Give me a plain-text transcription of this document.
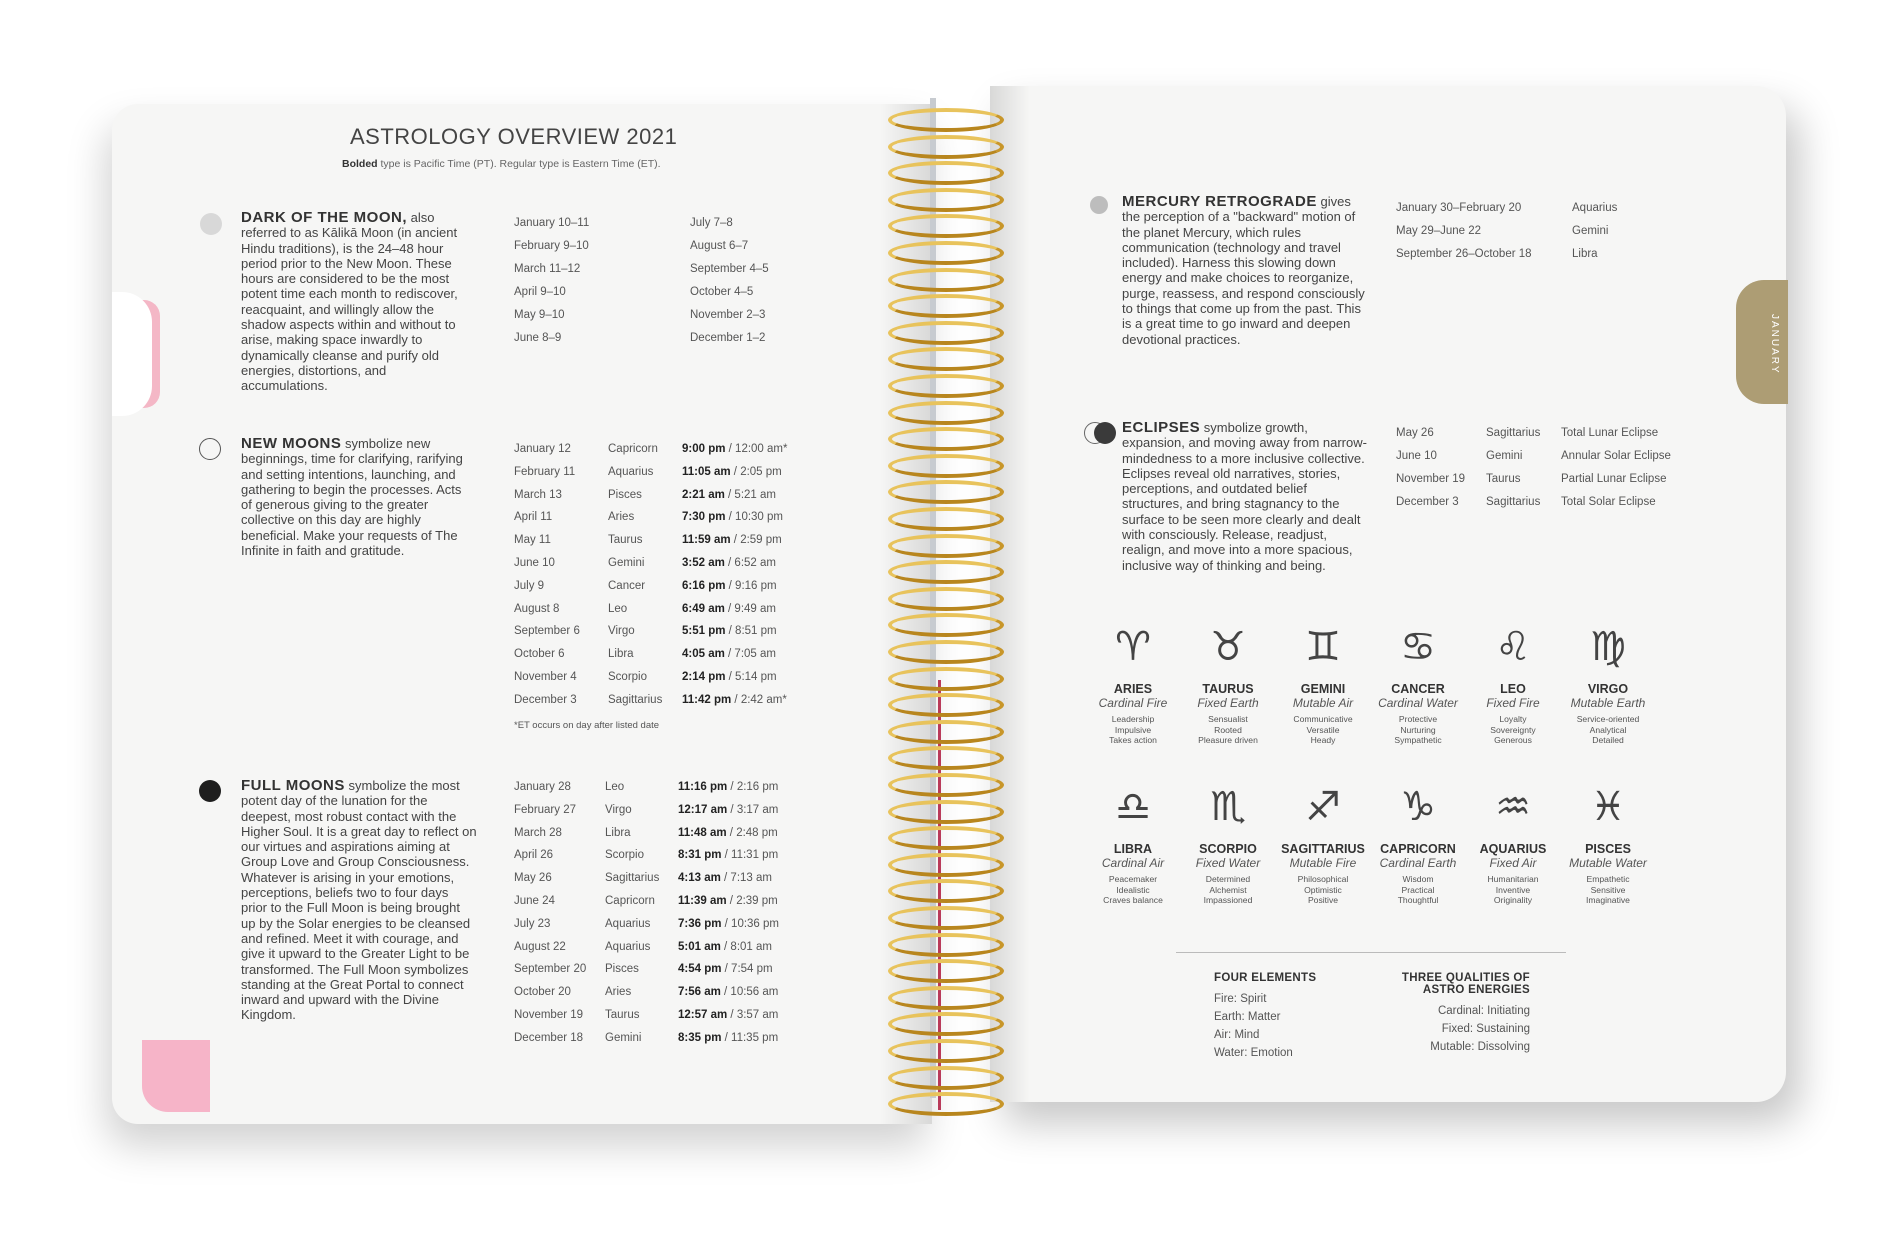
JANUARY
ASTROLOGY OVERVIEW 2021
Bolded type is Pacific Time (PT). Regular type is Eastern Time (ET).
DARK OF THE MOON, also referred to as Kālikā Moon (in ancient Hindu traditions), is the 24–48 hour period prior to the New Moon. These hours are considered to be the most potent time each month to rediscover, reacquaint, and willingly allow the shadow aspects within and without to arise, making space inwardly to dynamically cleanse and purify old energies, distortions, and accumulations.
January 10–11
February 9–10
March 11–12
April 9–10
May 9–10
June 8–9
July 7–8
August 6–7
September 4–5
October 4–5
November 2–3
December 1–2
NEW MOONS symbolize new beginnings, time for clarifying, rarifying and setting intentions, launching, and gathering to begin the processes. Acts of generous giving to the greater collective on this day are highly beneficial. Make your requests of The Infinite in faith and gratitude.
January 12
February 11
March 13
April 11
May 11
June 10
July 9
August 8
September 6
October 6
November 4
December 3
Capricorn
Aquarius
Pisces
Aries
Taurus
Gemini
Cancer
Leo
Virgo
Libra
Scorpio
Sagittarius
9:00 pm / 12:00 am*
11:05 am / 2:05 pm
2:21 am / 5:21 am
7:30 pm / 10:30 pm
11:59 am / 2:59 pm
3:52 am / 6:52 am
6:16 pm / 9:16 pm
6:49 am / 9:49 am
5:51 pm / 8:51 pm
4:05 am / 7:05 am
2:14 pm / 5:14 pm
11:42 pm / 2:42 am*
*ET occurs on day after listed date
FULL MOONS symbolize the most potent day of the lunation for the deepest, most robust contact with the Higher Soul. It is a great day to reflect on our virtues and aspirations aiming at Group Love and Group Consciousness. Whatever is arising in your emotions, perceptions, beliefs two to four days prior to the Full Moon is being brought up by the Solar energies to be cleansed and refined. Meet it with courage, and give it upward to the Greater Light to be transformed. The Full Moon symbolizes standing at the Great Portal to connect inward and upward with the Divine Kingdom.
January 28
February 27
March 28
April 26
May 26
June 24
July 23
August 22
September 20
October 20
November 19
December 18
Leo
Virgo
Libra
Scorpio
Sagittarius
Capricorn
Aquarius
Aquarius
Pisces
Aries
Taurus
Gemini
11:16 pm / 2:16 pm
12:17 am / 3:17 am
11:48 am / 2:48 pm
8:31 pm / 11:31 pm
4:13 am / 7:13 am
11:39 am / 2:39 pm
7:36 pm / 10:36 pm
5:01 am / 8:01 am
4:54 pm / 7:54 pm
7:56 am / 10:56 am
12:57 am / 3:57 am
8:35 pm / 11:35 pm
MERCURY RETROGRADE gives the perception of a "backward" motion of the planet Mercury, which rules communication (technology and travel included). Harness this slowing down energy and make choices to reorganize, purge, reassess, and respond consciously to things that come up from the past. This is a great time to go inward and deepen devotional practices.
January 30–February 20
May 29–June 22
September 26–October 18
Aquarius
Gemini
Libra
ECLIPSES symbolize growth, expansion, and moving away from narrow-mindedness to a more inclusive collective. Eclipses reveal old narratives, stories, perceptions, and outdated belief structures, and bring stagnancy to the surface to be seen more clearly and dealt with consciously. Release, readjust, realign, and move into a more spacious, inclusive way of thinking and being.
May 26
June 10
November 19
December 3
Sagittarius
Gemini
Taurus
Sagittarius
Total Lunar Eclipse
Annular Solar Eclipse
Partial Lunar Eclipse
Total Solar Eclipse
♈︎
ARIES
Cardinal Fire
Leadership
Impulsive
Takes action
♉︎
TAURUS
Fixed Earth
Sensualist
Rooted
Pleasure driven
♊︎
GEMINI
Mutable Air
Communicative
Versatile
Heady
♋︎
CANCER
Cardinal Water
Protective
Nurturing
Sympathetic
♌︎
LEO
Fixed Fire
Loyalty
Sovereignty
Generous
♍︎
VIRGO
Mutable Earth
Service-oriented
Analytical
Detailed
♎︎
LIBRA
Cardinal Air
Peacemaker
Idealistic
Craves balance
♏︎
SCORPIO
Fixed Water
Determined
Alchemist
Impassioned
♐︎
SAGITTARIUS
Mutable Fire
Philosophical
Optimistic
Positive
♑︎
CAPRICORN
Cardinal Earth
Wisdom
Practical
Thoughtful
♒︎
AQUARIUS
Fixed Air
Humanitarian
Inventive
Originality
♓︎
PISCES
Mutable Water
Empathetic
Sensitive
Imaginative
FOUR ELEMENTS
Fire: Spirit
Earth: Matter
Air: Mind
Water: Emotion
THREE QUALITIES OF
ASTRO ENERGIES
Cardinal: Initiating
Fixed: Sustaining
Mutable: Dissolving
